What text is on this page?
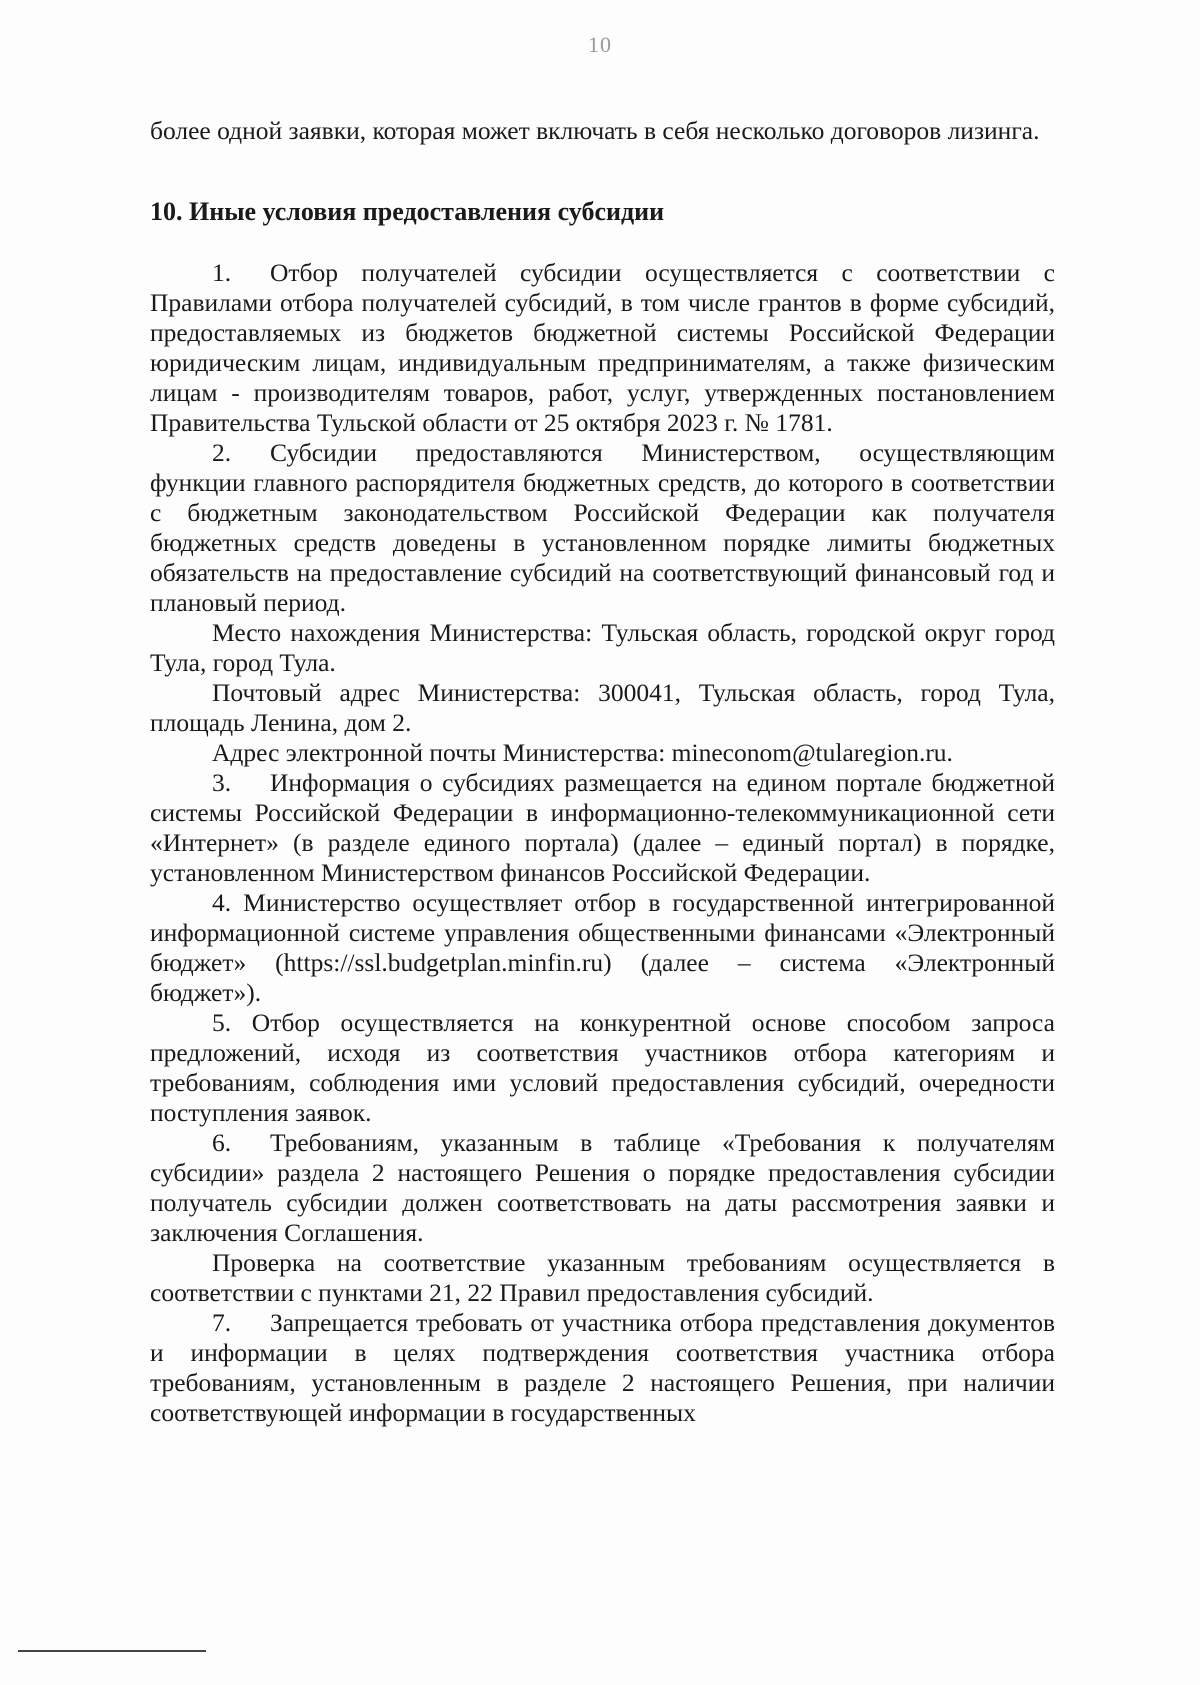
10

более одной заявки, которая может включать в себя несколько договоров лизинга.

10. Иные условия предоставления субсидии

1. Отбор получателей субсидии осуществляется с соответствии с Правилами отбора получателей субсидий, в том числе грантов в форме субсидий, предоставляемых из бюджетов бюджетной системы Российской Федерации юридическим лицам, индивидуальным предпринимателям, а также физическим лицам - производителям товаров, работ, услуг, утвержденных постановлением Правительства Тульской области от 25 октября 2023 г. № 1781.

2. Субсидии предоставляются Министерством, осуществляющим функции главного распорядителя бюджетных средств, до которого в соответствии с бюджетным законодательством Российской Федерации как получателя бюджетных средств доведены в установленном порядке лимиты бюджетных обязательств на предоставление субсидий на соответствующий финансовый год и плановый период.

Место нахождения Министерства: Тульская область, городской округ город Тула, город Тула.

Почтовый адрес Министерства: 300041, Тульская область, город Тула, площадь Ленина, дом 2.

Адрес электронной почты Министерства: mineconom@tularegion.ru.

3. Информация о субсидиях размещается на едином портале бюджетной системы Российской Федерации в информационно-телекоммуникационной сети «Интернет» (в разделе единого портала) (далее – единый портал) в порядке, установленном Министерством финансов Российской Федерации.

4. Министерство осуществляет отбор в государственной интегрированной информационной системе управления общественными финансами «Электронный бюджет» (https://ssl.budgetplan.minfin.ru) (далее – система «Электронный бюджет»).

5. Отбор осуществляется на конкурентной основе способом запроса предложений, исходя из соответствия участников отбора категориям и требованиям, соблюдения ими условий предоставления субсидий, очередности поступления заявок.

6. Требованиям, указанным в таблице «Требования к получателям субсидии» раздела 2 настоящего Решения о порядке предоставления субсидии получатель субсидии должен соответствовать на даты рассмотрения заявки и заключения Соглашения.

Проверка на соответствие указанным требованиям осуществляется в соответствии с пунктами 21, 22 Правил предоставления субсидий.

7. Запрещается требовать от участника отбора представления документов и информации в целях подтверждения соответствия участника отбора требованиям, установленным в разделе 2 настоящего Решения, при наличии соответствующей информации в государственных
